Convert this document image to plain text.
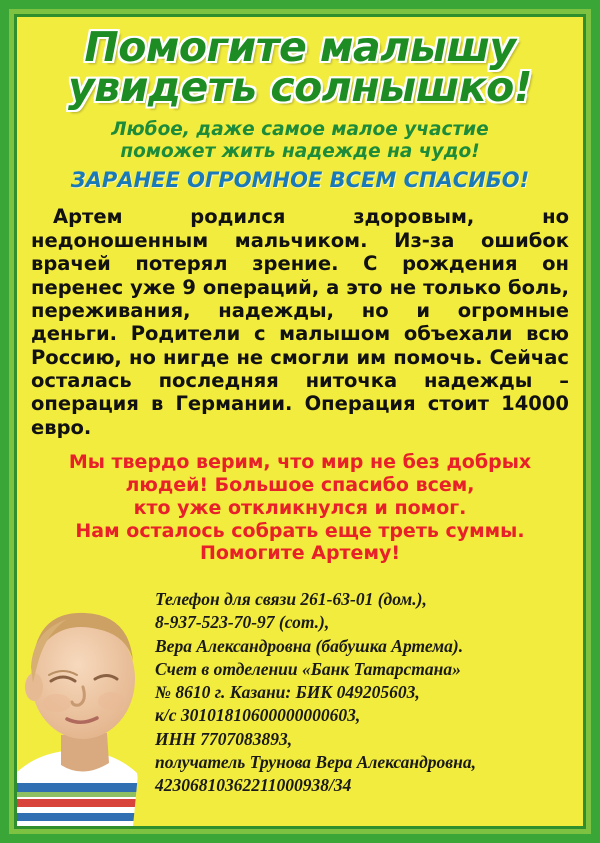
Помогите малышу
увидеть солнышко!
Любое, даже самое малое участие
поможет жить надежде на чудо!
ЗАРАНЕЕ ОГРОМНОЕ ВСЕМ СПАСИБО!

Артем родился здоровым, но недоношенным мальчиком. Из-за ошибок врачей потерял зрение. С рождения он перенес уже 9 операций, а это не только боль, переживания, надежды, но и огромные деньги. Родители с малышом объехали всю Россию, но нигде не смогли им помочь. Сейчас осталась последняя ниточка надежды – операция в Германии. Операция стоит 14000 евро.

Мы твердо верим, что мир не без добрых
людей! Большое спасибо всем,
кто уже откликнулся и помог.
Нам осталось собрать еще треть суммы.
Помогите Артему!
Телефон для связи 261-63-01 (дом.),
8-937-523-70-97 (сот.),
Вера Александровна (бабушка Артема).
Счет в отделении «Банк Татарстана»
№ 8610 г. Казани: БИК 049205603,
к/с 30101810600000000603,
ИНН 7707083893,
получатель Трунова Вера Александровна,
42306810362211000938/34
